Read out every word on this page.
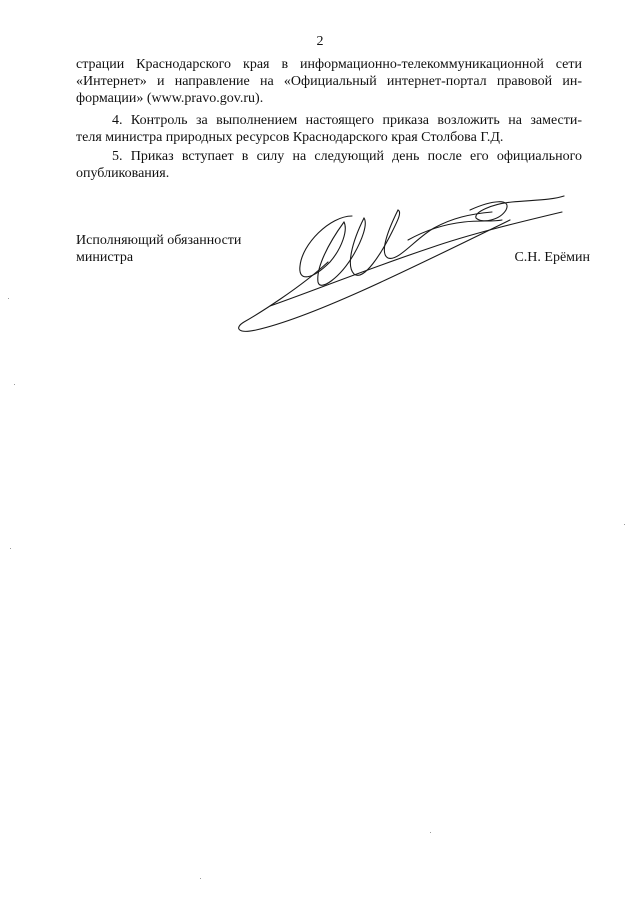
2
страции Краснодарского края в информационно-телекоммуникационной сети
«Интернет» и направление на «Официальный интернет-портал правовой ин-
формации» (www.pravo.gov.ru).
4. Контроль за выполнением настоящего приказа возложить на замести-
теля министра природных ресурсов Краснодарского края Столбова Г.Д.
5. Приказ вступает в силу на следующий день после его официального
опубликования.
Исполняющий обязанности
министра	С.Н. Ерёмин
